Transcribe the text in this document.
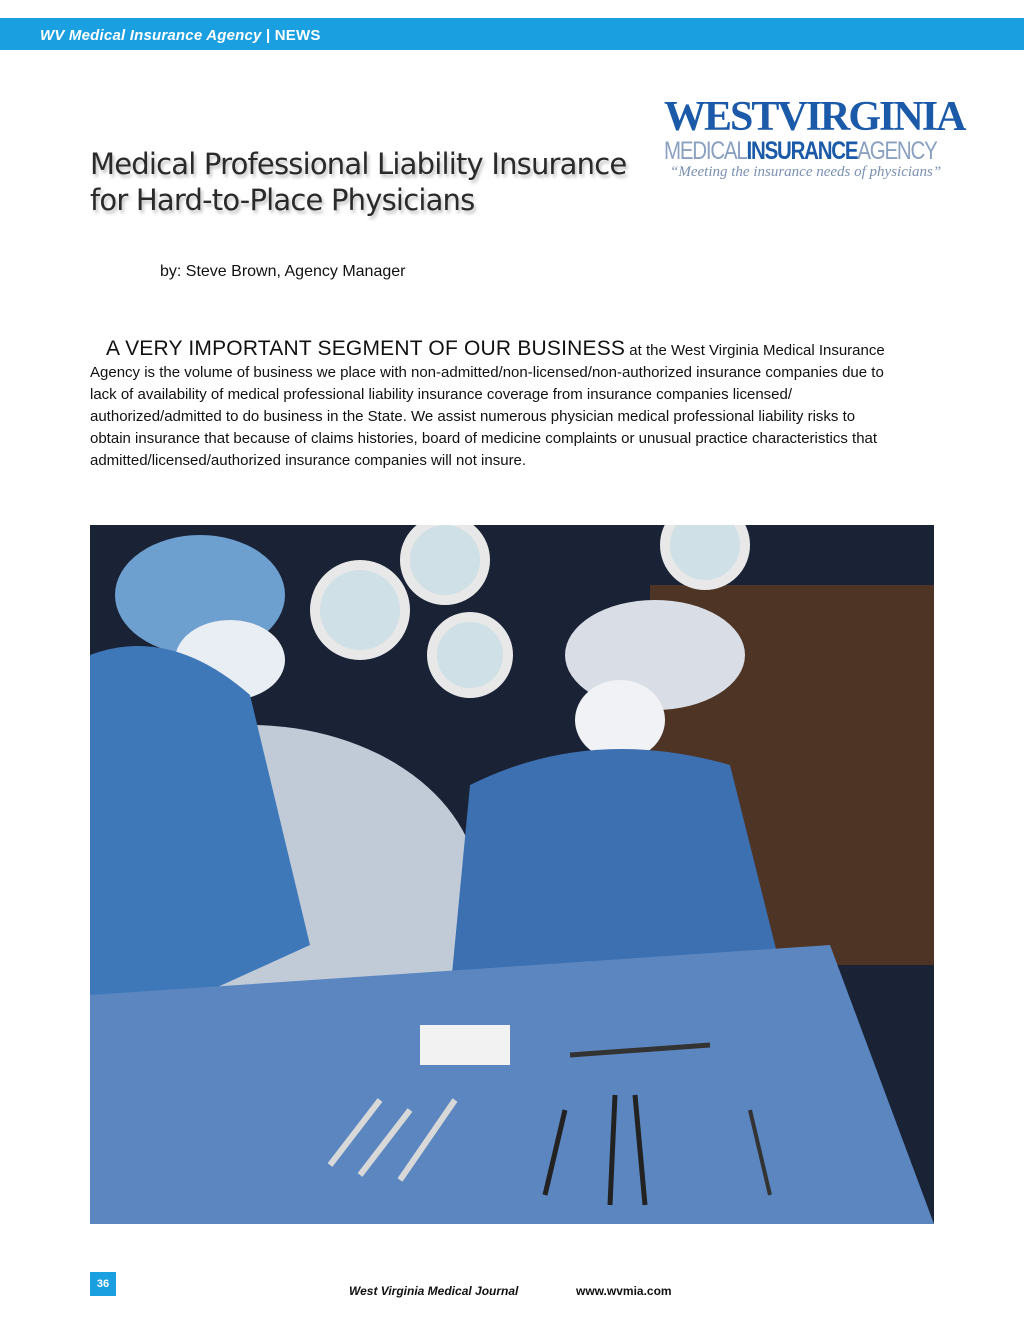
WV Medical Insurance Agency | NEWS
WESTVIRGINIA
MEDICALINSURANCEAGENCY
“Meeting the insurance needs of physicians”
Medical Professional Liability Insurance
for Hard-to-Place Physicians
by: Steve Brown, Agency Manager
A VERY IMPORTANT SEGMENT OF OUR BUSINESS at the West Virginia Medical Insurance Agency is the volume of business we place with non-admitted/non-licensed/non-authorized insurance companies due to lack of availability of medical professional liability insurance coverage from insurance companies licensed/ authorized/admitted to do business in the State. We assist numerous physician medical professional liability risks to obtain insurance that because of claims histories, board of medicine complaints or unusual practice characteristics that admitted/licensed/authorized insurance companies will not insure.
36	West Virginia Medical Journal	www.wvmia.com
